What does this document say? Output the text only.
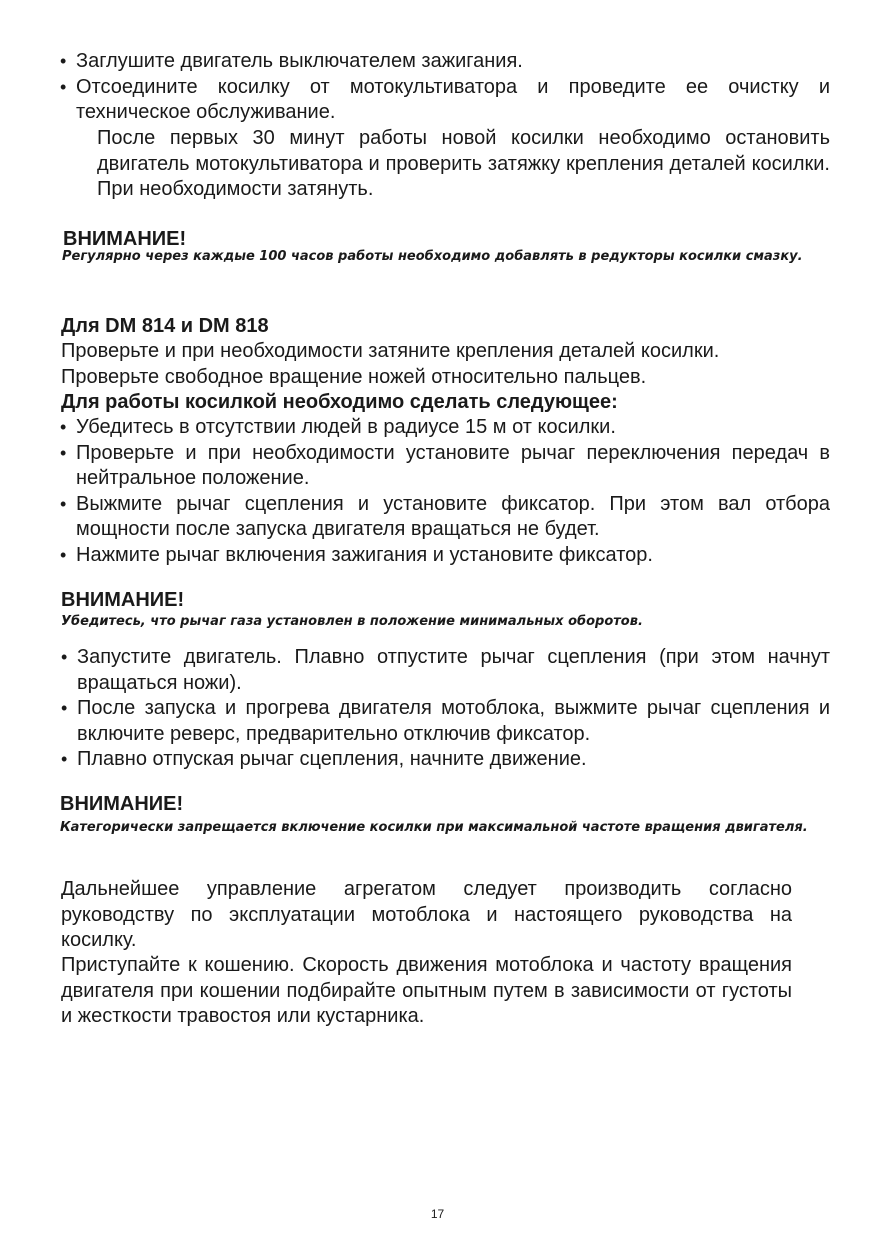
• Заглушите двигатель выключателем зажигания.

• Отсоедините косилку от мотокультиватора и проведите ее очистку и техническое обслуживание.

После первых 30 минут работы новой косилки необходимо остановить двигатель мотокультиватора и проверить затяжку крепления деталей косилки. При необходимости затянуть.
ВНИМАНИЕ!
Регулярно через каждые 100 часов работы необходимо добавлять в редукторы косилки смазку.
Для DM 814 и DM 818

Проверьте и при необходимости затяните крепления деталей косилки.

Проверьте свободное вращение ножей относительно пальцев.

Для работы косилкой необходимо сделать следующее:

• Убедитесь в отсутствии людей в радиусе 15 м от косилки.

• Проверьте и при необходимости установите рычаг переключения передач в нейтральное положение.

• Выжмите рычаг сцепления и установите фиксатор. При этом вал отбора мощности после запуска двигателя вращаться не будет.

• Нажмите рычаг включения зажигания и установите фиксатор.

ВНИМАНИЕ!
Убедитесь, что рычаг газа установлен в положение минимальных оборотов.

• Запустите двигатель. Плавно отпустите рычаг сцепления (при этом начнут вращаться ножи).

• После запуска и прогрева двигателя мотоблока, выжмите рычаг сцепления и включите реверс, предварительно отключив фиксатор.

• Плавно отпуская рычаг сцепления, начните движение.

ВНИМАНИЕ!
Категорически запрещается включение косилки при максимальной частоте вращения двигателя.
Дальнейшее управление агрегатом следует производить согласно руководству по эксплуатации мотоблока и настоящего руководства на косилку.
Приступайте к кошению. Скорость движения мотоблока и частоту вращения двигателя при кошении подбирайте опытным путем в зависимости от густоты и жесткости травостоя или кустарника.
17
